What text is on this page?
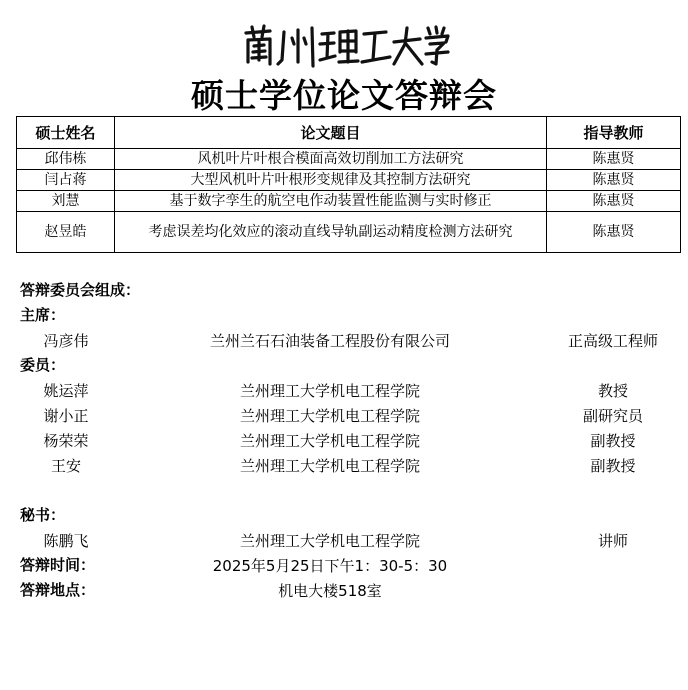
硕士学位论文答辩会
硕士姓名	论文题目	指导教师
邱伟栋	风机叶片叶根合模面高效切削加工方法研究	陈惠贤
闫占蒋	大型风机叶片叶根形变规律及其控制方法研究	陈惠贤
刘慧	基于数字孪生的航空电作动装置性能监测与实时修正	陈惠贤
赵昱皓	考虑误差均化效应的滚动直线导轨副运动精度检测方法研究	陈惠贤
答辩委员会组成：
主席：
冯彦伟	兰州兰石石油装备工程股份有限公司	正高级工程师
委员：
姚运萍	兰州理工大学机电工程学院	教授
谢小正	兰州理工大学机电工程学院	副研究员
杨荣荣	兰州理工大学机电工程学院	副教授
王安	兰州理工大学机电工程学院	副教授
秘书：
陈鹏飞	兰州理工大学机电工程学院	讲师
答辩时间：	2025年5月25日下午1：30-5：30
答辩地点：	机电大楼518室
